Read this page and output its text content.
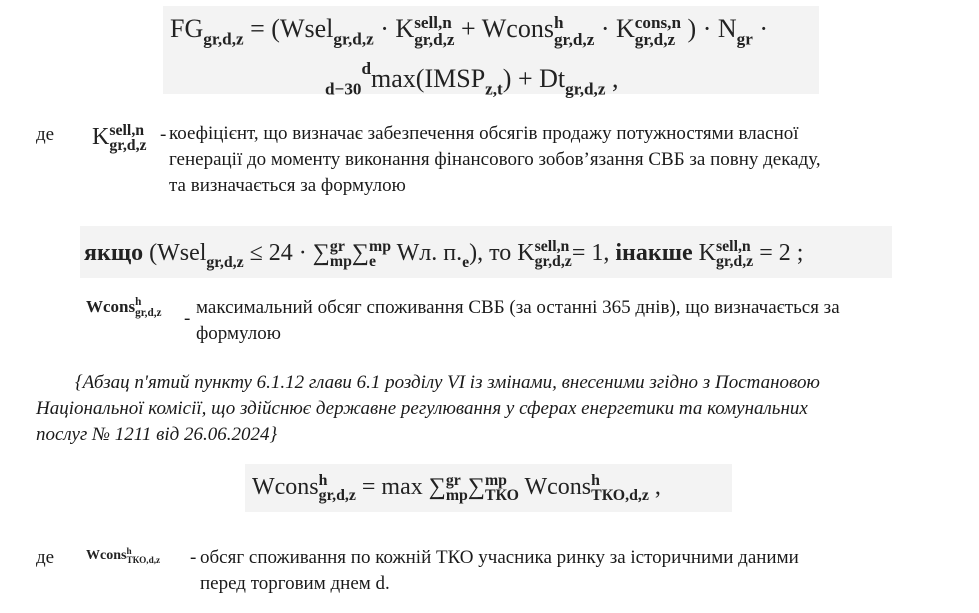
$FG_{gr,d,z}$ = (Wsel$_{gr,d,z}$ · K sell,n
gr,d,z + Wcons h
gr,d,z · K cons,n
gr,d,z ) · $N_{gr}$ ·
$_{d-30}^d\max(IMSP_{z,t}) + Dt_{gr,d,z}$ ,
де K sell,n
gr,d,z
- коефіцієнт, що визначає забезпечення обсягів продажу потужностями власної
генерації до моменту виконання фінансового зобов’язання СВБ за повну декаду,
та визначається за формулою
якщо (Wsel$_{gr,d,z}$ ≤ 24 · ∑ gr
mp ∑ mp
e Wл. $п._e$), то K sell,n
gr,d,z = 1, інакше K sell,n
gr,d,z = 2 ;
Wcons h
gr,d,z -
максимальний обсяг споживання СВБ (за останні 365 днів), що визначається за
формулою
{Абзац п'ятий пункту 6.1.12 глави 6.1 розділу VI із змінами, внесеними згідно з Постановою
Національної комісії, що здійснює державне регулювання у сферах енергетики та комунальних
послуг № 1211 від 26.06.2024}
Wcons h
gr,d,z = max ∑ gr
mp ∑ mp
ТКО Wcons h
ТКО,d,z ,
де Wcons h
ТКО,d,z - обсяг споживання по кожній ТКО учасника ринку за історичними даними
перед торговим днем d.
